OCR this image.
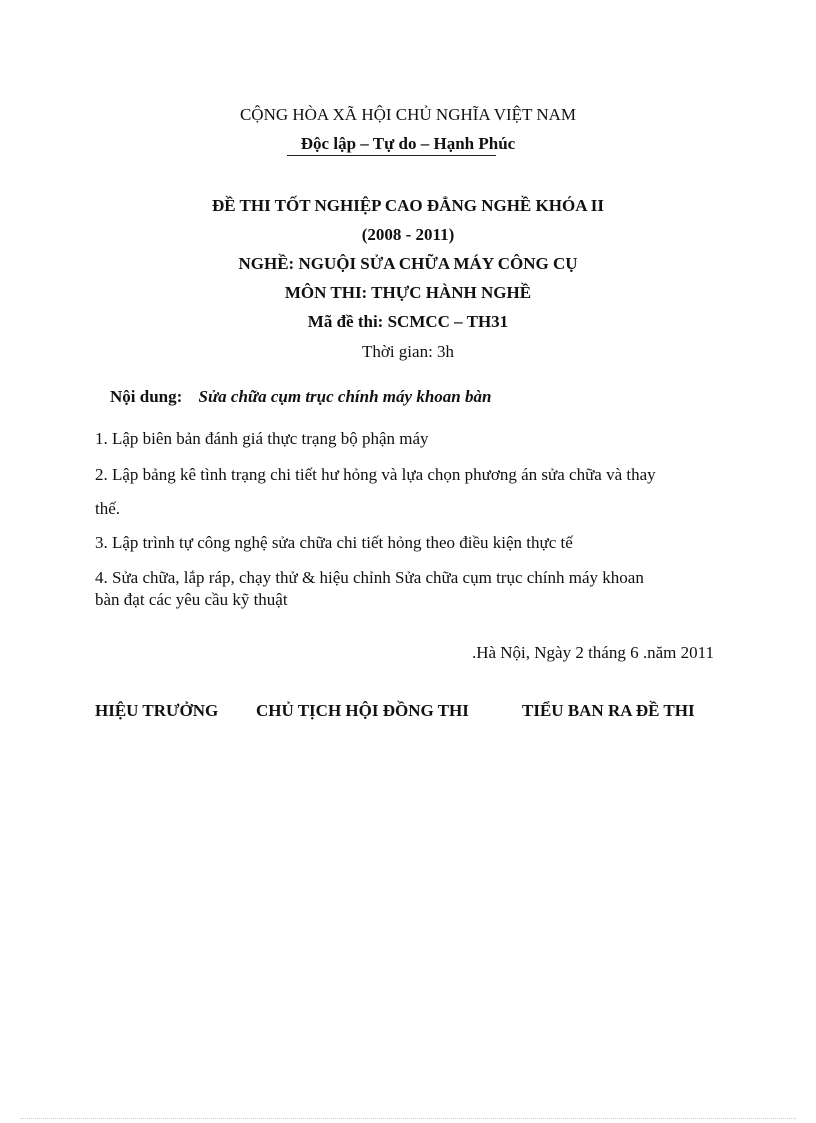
CỘNG HÒA XÃ HỘI CHỦ NGHĨA VIỆT NAM
Độc lập – Tự do – Hạnh Phúc
ĐỀ THI TỐT NGHIỆP CAO ĐẲNG NGHỀ KHÓA II
(2008 - 2011)
NGHỀ: NGUỘI SỬA CHỮA MÁY CÔNG CỤ
MÔN THI: THỰC HÀNH NGHỀ
Mã đề thi: SCMCC – TH31
Thời gian: 3h
Nội dung: Sửa chữa cụm trục chính máy khoan bàn
1. Lập biên bản đánh giá thực trạng bộ phận máy
2. Lập bảng kê tình trạng chi tiết hư hỏng và lựa chọn phương án sửa chữa và thay
thế.
3. Lập trình tự công nghệ sửa chữa chi tiết hỏng theo điều kiện thực tế
4. Sửa chữa, lắp ráp, chạy thử & hiệu chỉnh Sửa chữa cụm trục chính máy khoan
bàn đạt các yêu cầu kỹ thuật
.Hà Nội, Ngày 2 tháng 6 .năm 2011
HIỆU TRƯỞNG CHỦ TỊCH HỘI ĐỒNG THI	TIỂU BAN RA ĐỀ THI
